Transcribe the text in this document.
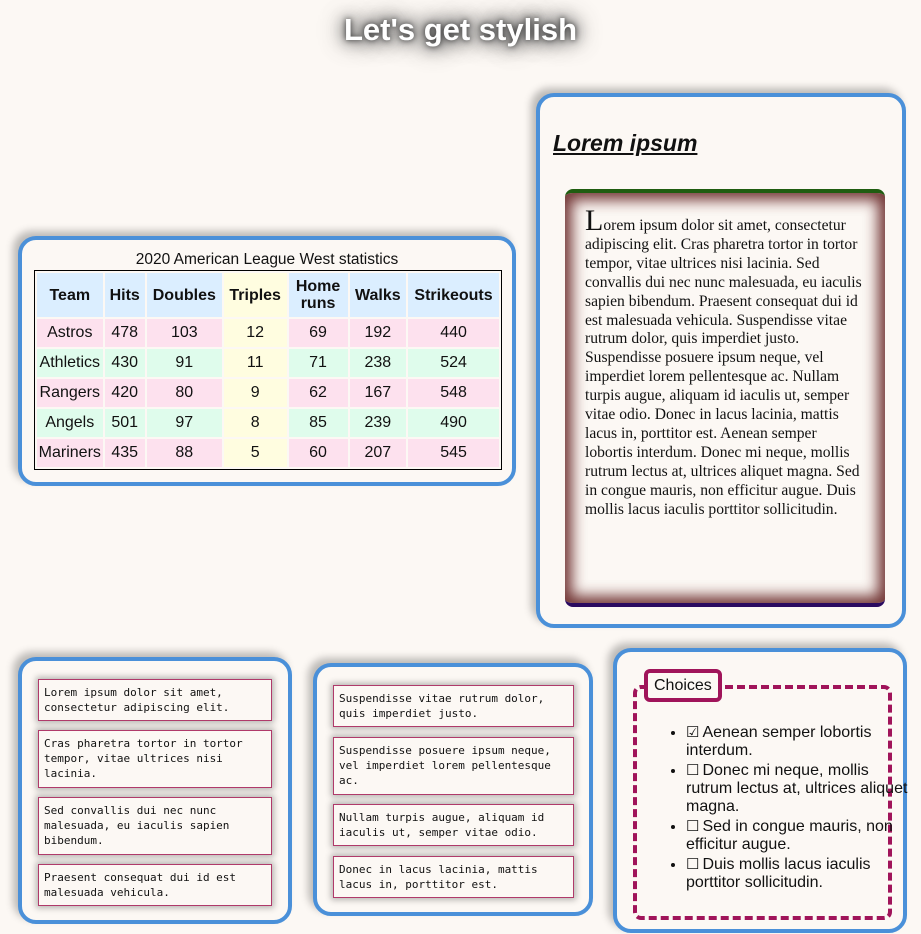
Let's get stylish
2020 American League West statistics
Team	Hits	Doubles	Triples	Home runs	Walks	Strikeouts
Astros	478	103	12	69	192	440
Athletics	430	91	11	71	238	524
Rangers	420	80	9	62	167	548
Angels	501	97	8	85	239	490
Mariners	435	88	5	60	207	545
Lorem ipsum

Lorem ipsum dolor sit amet, consectetur adipiscing elit. Cras pharetra tortor in tortor tempor, vitae ultrices nisi lacinia. Sed convallis dui nec nunc malesuada, eu iaculis sapien bibendum. Praesent consequat dui id est malesuada vehicula. Suspendisse vitae rutrum dolor, quis imperdiet justo. Suspendisse posuere ipsum neque, vel imperdiet lorem pellentesque ac. Nullam turpis augue, aliquam id iaculis ut, semper vitae odio. Donec in lacus lacinia, mattis lacus in, porttitor est. Aenean semper lobortis interdum. Donec mi neque, mollis rutrum lectus at, ultrices aliquet magna. Sed in congue mauris, non efficitur augue. Duis mollis lacus iaculis porttitor sollicitudin.

Lorem ipsum dolor sit amet, consectetur adipiscing elit.
Cras pharetra tortor in tortor tempor, vitae ultrices nisi lacinia.
Sed convallis dui nec nunc malesuada, eu iaculis sapien bibendum.
Praesent consequat dui id est malesuada vehicula.
Suspendisse vitae rutrum dolor, quis imperdiet justo.
Suspendisse posuere ipsum neque, vel imperdiet lorem pellentesque ac.
Nullam turpis augue, aliquam id iaculis ut, semper vitae odio.
Donec in lacus lacinia, mattis lacus in, porttitor est.
Choices
• ☑ Aenean semper lobortis interdum.
• ☐ Donec mi neque, mollis rutrum lectus at, ultrices aliquet magna.
• ☐ Sed in congue mauris, non efficitur augue.
• ☐ Duis mollis lacus iaculis porttitor sollicitudin.
